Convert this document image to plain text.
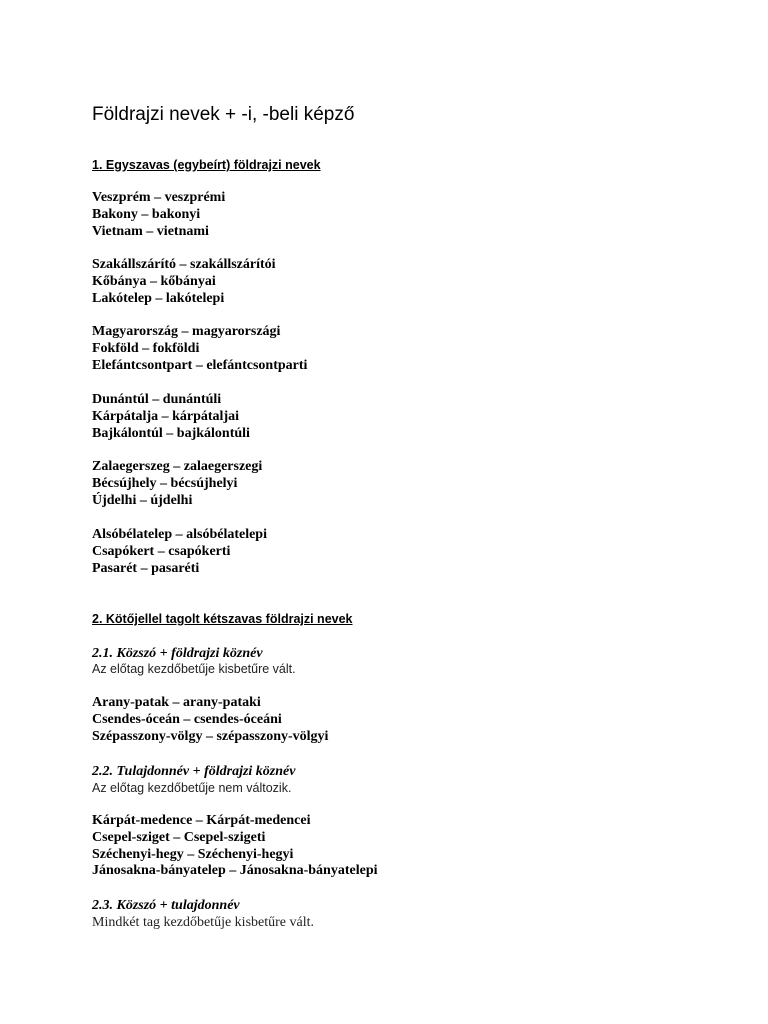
Földrajzi nevek + -i, -beli képző
1. Egyszavas (egybeírt) földrajzi nevek
Veszprém – veszprémi
Bakony – bakonyi
Vietnam – vietnami
Szakállszárító – szakállszárítói
Kőbánya – kőbányai
Lakótelep – lakótelepi
Magyarország – magyarországi
Fokföld – fokföldi
Elefántcsontpart – elefántcsontparti
Dunántúl – dunántúli
Kárpátalja – kárpátaljai
Bajkálontúl – bajkálontúli
Zalaegerszeg – zalaegerszegi
Bécsújhely – bécsújhelyi
Újdelhi – újdelhi
Alsóbélatelep – alsóbélatelepi
Csapókert – csapókerti
Pasarét – pasaréti
2. Kötőjellel tagolt kétszavas földrajzi nevek
2.1. Közszó + földrajzi köznév
Az előtag kezdőbetűje kisbetűre vált.
Arany-patak – arany-pataki
Csendes-óceán – csendes-óceáni
Szépasszony-völgy – szépasszony-völgyi
2.2. Tulajdonnév + földrajzi köznév
Az előtag kezdőbetűje nem változik.
Kárpát-medence – Kárpát-medencei
Csepel-sziget – Csepel-szigeti
Széchenyi-hegy – Széchenyi-hegyi
Jánosakna-bányatelep – Jánosakna-bányatelepi
2.3. Közszó + tulajdonnév
Mindkét tag kezdőbetűje kisbetűre vált.
